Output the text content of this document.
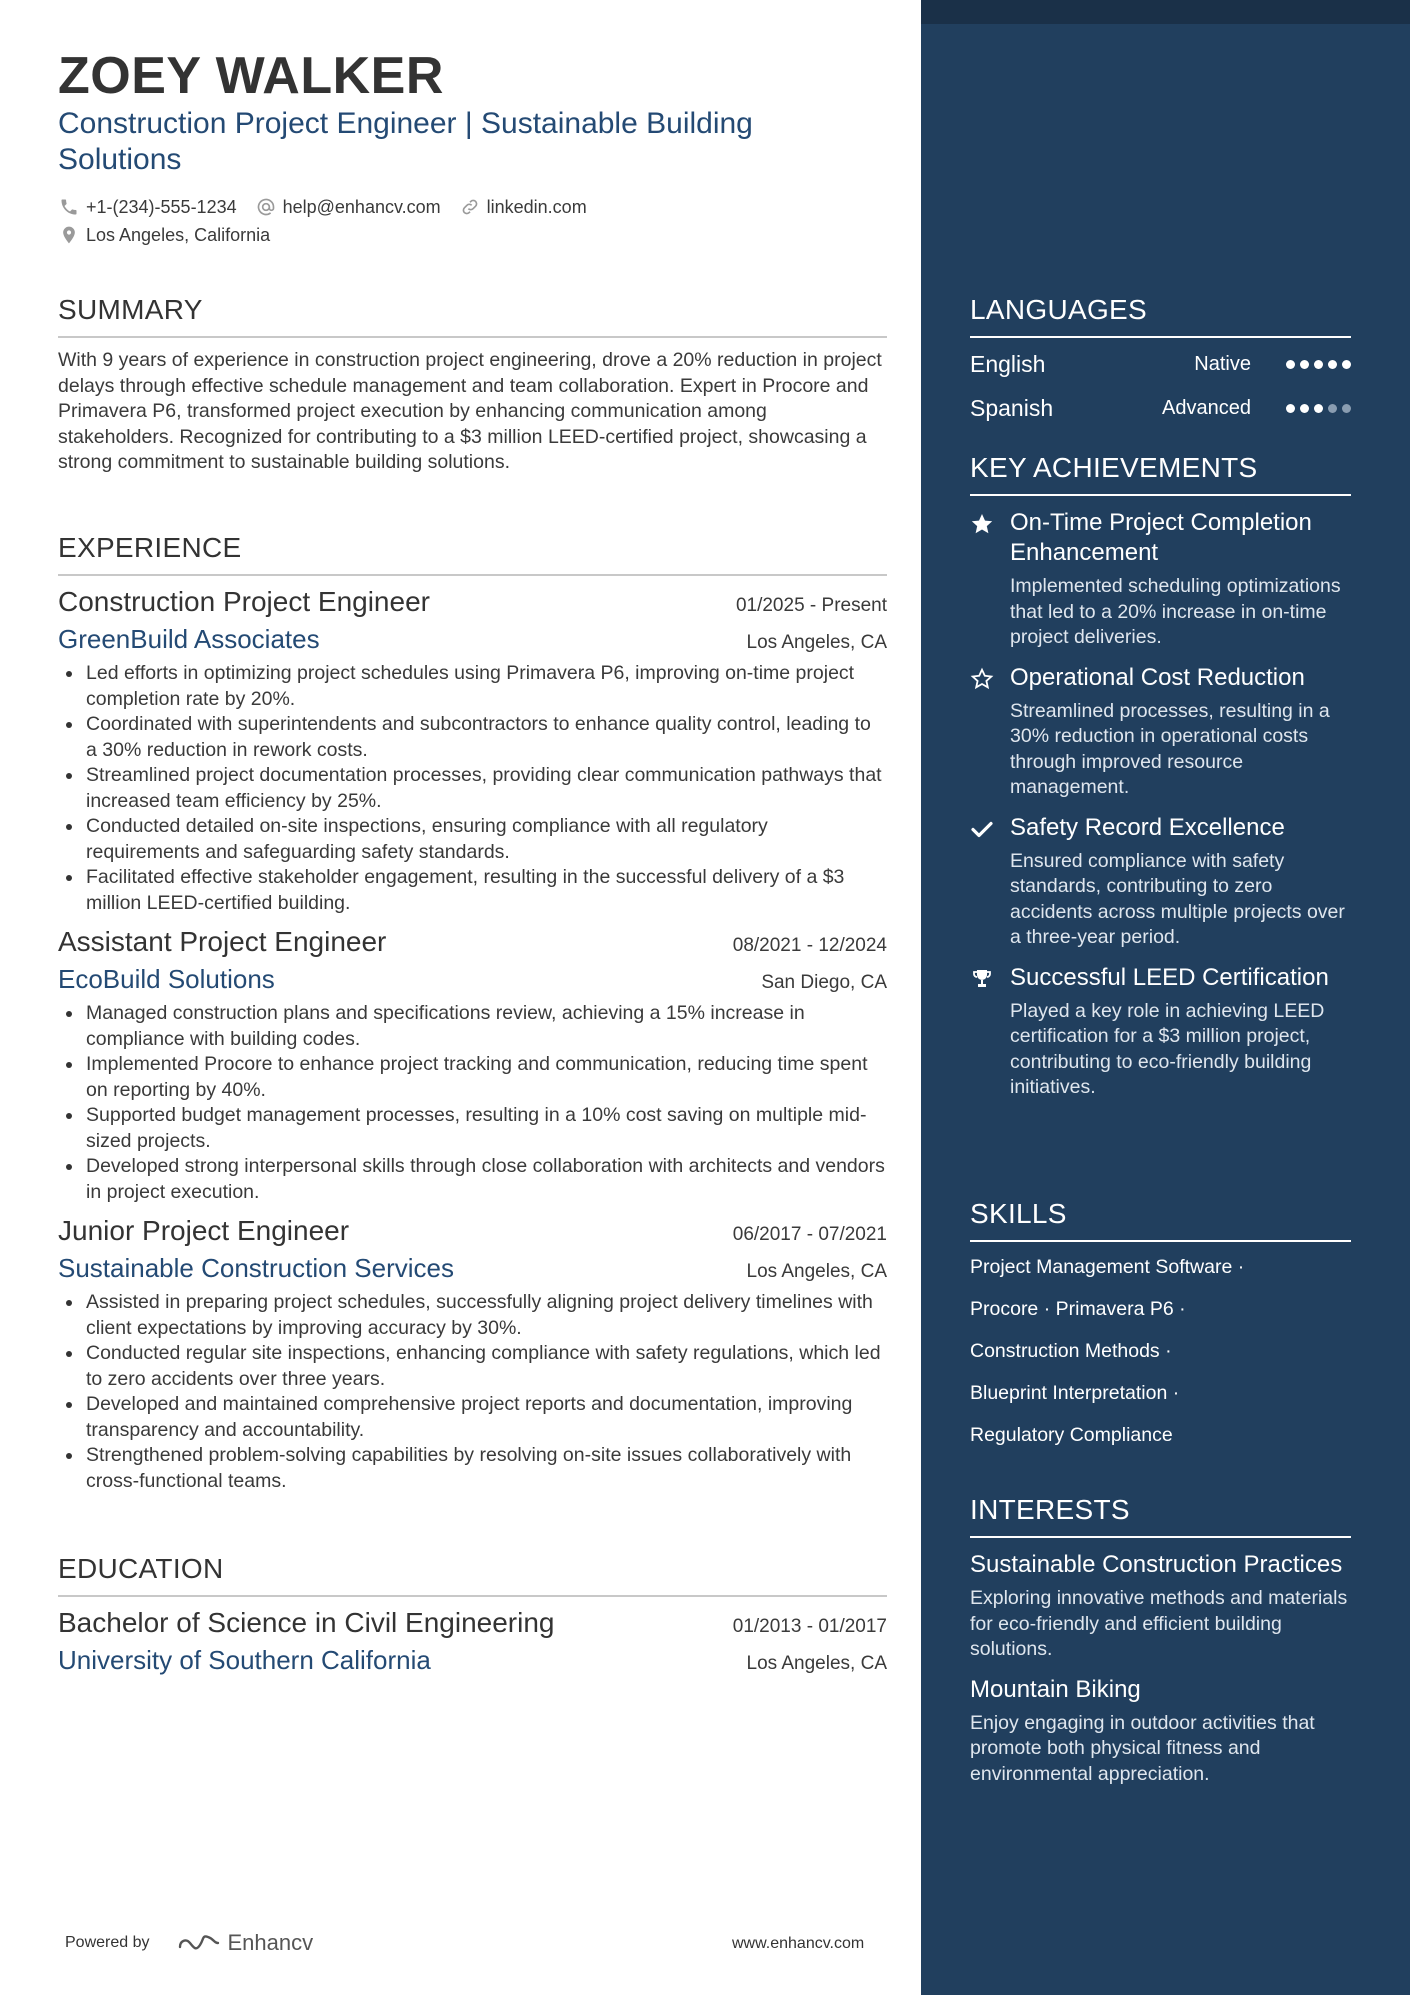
ZOEY WALKER
Construction Project Engineer | Sustainable Building Solutions
+1-(234)-555-1234	help@enhancv.com	linkedin.com
Los Angeles, California
SUMMARY
With 9 years of experience in construction project engineering, drove a 20% reduction in project delays through effective schedule management and team collaboration. Expert in Procore and Primavera P6, transformed project execution by enhancing communication among stakeholders. Recognized for contributing to a $3 million LEED-certified project, showcasing a strong commitment to sustainable building solutions.
EXPERIENCE
Construction Project Engineer	01/2025 - Present
GreenBuild Associates	Los Angeles, CA
Led efforts in optimizing project schedules using Primavera P6, improving on-time project completion rate by 20%.
Coordinated with superintendents and subcontractors to enhance quality control, leading to a 30% reduction in rework costs.
Streamlined project documentation processes, providing clear communication pathways that increased team efficiency by 25%.
Conducted detailed on-site inspections, ensuring compliance with all regulatory requirements and safeguarding safety standards.
Facilitated effective stakeholder engagement, resulting in the successful delivery of a $3 million LEED-certified building.
Assistant Project Engineer	08/2021 - 12/2024
EcoBuild Solutions	San Diego, CA
Managed construction plans and specifications review, achieving a 15% increase in compliance with building codes.
Implemented Procore to enhance project tracking and communication, reducing time spent on reporting by 40%.
Supported budget management processes, resulting in a 10% cost saving on multiple mid-sized projects.
Developed strong interpersonal skills through close collaboration with architects and vendors in project execution.
Junior Project Engineer	06/2017 - 07/2021
Sustainable Construction Services	Los Angeles, CA
Assisted in preparing project schedules, successfully aligning project delivery timelines with client expectations by improving accuracy by 30%.
Conducted regular site inspections, enhancing compliance with safety regulations, which led to zero accidents over three years.
Developed and maintained comprehensive project reports and documentation, improving transparency and accountability.
Strengthened problem-solving capabilities by resolving on-site issues collaboratively with cross-functional teams.
EDUCATION
Bachelor of Science in Civil Engineering	01/2013 - 01/2017
University of Southern California	Los Angeles, CA
LANGUAGES
English	Native
Spanish	Advanced
KEY ACHIEVEMENTS
On-Time Project Completion Enhancement
Implemented scheduling optimizations that led to a 20% increase in on-time project deliveries.
Operational Cost Reduction
Streamlined processes, resulting in a 30% reduction in operational costs through improved resource management.
Safety Record Excellence
Ensured compliance with safety standards, contributing to zero accidents across multiple projects over a three-year period.
Successful LEED Certification
Played a key role in achieving LEED certification for a $3 million project, contributing to eco-friendly building initiatives.
SKILLS
Project Management Software ·
Procore · Primavera P6 ·
Construction Methods ·
Blueprint Interpretation ·
Regulatory Compliance
INTERESTS
Sustainable Construction Practices
Exploring innovative methods and materials for eco-friendly and efficient building solutions.
Mountain Biking
Enjoy engaging in outdoor activities that promote both physical fitness and environmental appreciation.
Powered by	Enhancv	www.enhancv.com
